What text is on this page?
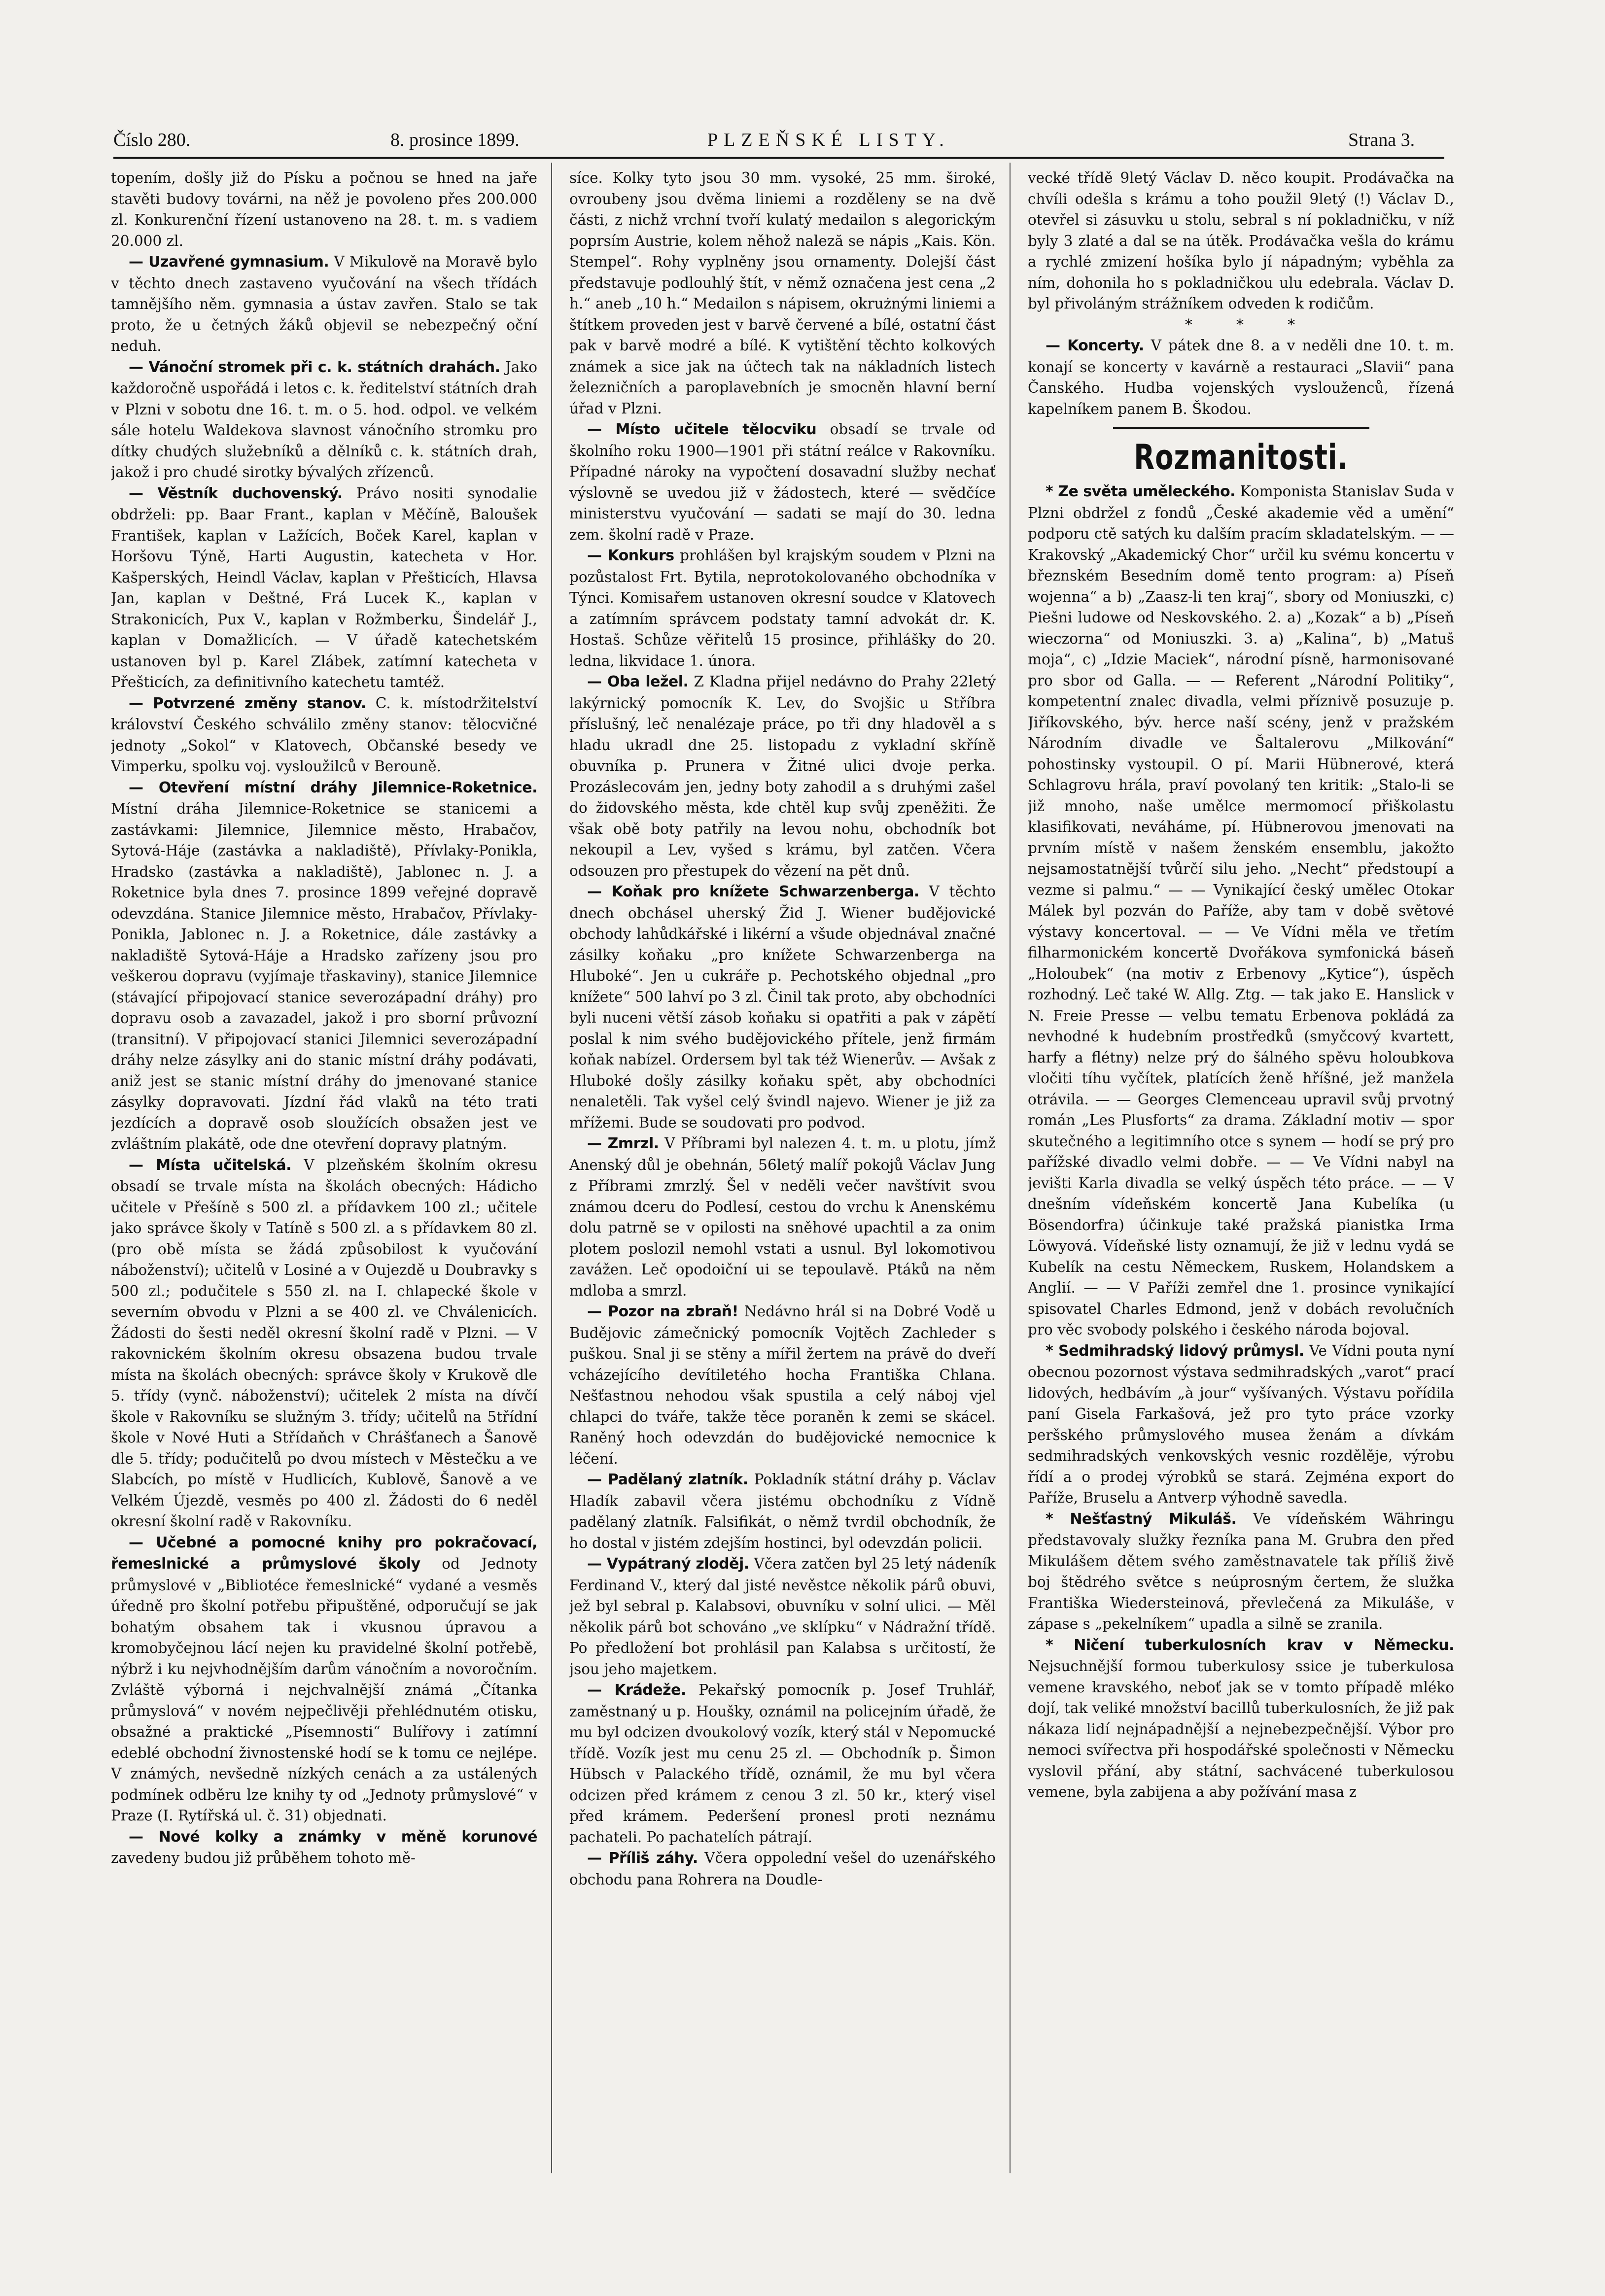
Číslo 280.	8. prosince 1899.	PLZEŇSKÉ LISTY.	Strana 3.

topením, došly již do Písku a počnou se hned na jaře stavěti budovy továrni, na něž je povoleno přes 200.000 zl. Konkurenční řízení ustanoveno na 28. t. m. s vadiem 20.000 zl.

— Uzavřené gymnasium. V Mikulově na Moravě bylo v těchto dnech zastaveno vyučování na všech třídách tamnějšího něm. gymnasia a ústav zavřen. Stalo se tak proto, že u četných žáků objevil se nebezpečný oční neduh.

— Vánoční stromek při c. k. státních drahách. Jako každoročně uspořádá i letos c. k. ředitelství státních drah v Plzni v sobotu dne 16. t. m. o 5. hod. odpol. ve velkém sále hotelu Waldekova slavnost vánočního stromku pro dítky chudých služebníků a dělníků c. k. státních drah, jakož i pro chudé sirotky bývalých zřízenců.

— Věstník duchovenský. Právo nositi synodalie obdrželi: pp. Baar Frant., kaplan v Měčíně, Baloušek František, kaplan v Lažících, Boček Karel, kaplan v Horšovu Týně, Harti Augustin, katecheta v Hor. Kašperských, Heindl Václav, kaplan v Přešticích, Hlavsa Jan, kaplan v Deštné, Frá Lucek K., kaplan v Strakonicích, Pux V., kaplan v Rožmberku, Šindelář J., kaplan v Domažlicích. — V úřadě katechetském ustanoven byl p. Karel Zlábek, zatímní katecheta v Přešticích, za definitivního katechetu tamtéž.

— Potvrzené změny stanov. C. k. místodržitelství království Českého schválilo změny stanov: tělocvičné jednoty „Sokol“ v Klatovech, Občanské besedy ve Vimperku, spolku voj. vysloužilců v Berouně.

— Otevření místní dráhy Jilemnice-Roketnice. Místní dráha Jilemnice-Roketnice se stanicemi a zastávkami: Jilemnice, Jilemnice město, Hrabačov, Sytová-Háje (zastávka a nakladiště), Přívlaky-Ponikla, Hradsko (zastávka a nakladiště), Jablonec n. J. a Roketnice byla dnes 7. prosince 1899 veřejné dopravě odevzdána. Stanice Jilemnice město, Hrabačov, Přívlaky-Ponikla, Jablonec n. J. a Roketnice, dále zastávky a nakladiště Sytová-Háje a Hradsko zařízeny jsou pro veškerou dopravu (vyjímaje třaskaviny), stanice Jilemnice (stávající připojovací stanice severozápadní dráhy) pro dopravu osob a zavazadel, jakož i pro sborní průvozní (transitní). V připojovací stanici Jilemnici severozápadní dráhy nelze zásylky ani do stanic místní dráhy podávati, aniž jest se stanic místní dráhy do jmenované stanice zásylky dopravovati. Jízdní řád vlaků na této trati jezdících a dopravě osob sloužících obsažen jest ve zvláštním plakátě, ode dne otevření dopravy platným.

— Místa učitelská. V plzeňském školním okresu obsadí se trvale místa na školách obecných: Hádicho učitele v Přešíně s 500 zl. a přídavkem 100 zl.; učitele jako správce školy v Tatíně s 500 zl. a s přídavkem 80 zl. (pro obě místa se žádá způsobilost k vyučování náboženství); učitelů v Losiné a v Oujezdě u Doubravky s 500 zl.; podučitele s 550 zl. na I. chlapecké škole v severním obvodu v Plzni a se 400 zl. ve Chválenicích. Žádosti do šesti neděl okresní školní radě v Plzni. — V rakovnickém školním okresu obsazena budou trvale místa na školách obecných: správce školy v Krukově dle 5. třídy (vynč. náboženství); učitelek 2 místa na dívčí škole v Rakovníku se služným 3. třídy; učitelů na 5třídní škole v Nové Huti a Střídaňch v Chrášťanech a Šanově dle 5. třídy; podučitelů po dvou místech v Městečku a ve Slabcích, po místě v Hudlicích, Kublově, Šanově a ve Velkém Újezdě, vesměs po 400 zl. Žádosti do 6 neděl okresní školní radě v Rakovníku.

— Učebné a pomocné knihy pro pokračovací, řemeslnické a průmyslové školy od Jednoty průmyslové v „Bibliotéce řemeslnické“ vydané a vesměs úředně pro školní potřebu připuštěné, odporučují se jak bohatým obsahem tak i vkusnou úpravou a kromobyčejnou lácí nejen ku pravidelné školní potřebě, nýbrž i ku nejvhodnějším darům vánočním a novoročním. Zvláště výborná i nejchvalnější známá „Čítanka průmyslová“ v novém nejpečlivěji přehlédnutém otisku, obsažné a praktické „Písemnosti“ Bulířovy i zatímní edeblé obchodní živnostenské hodí se k tomu ce nejlépe. V známých, nevšedně nízkých cenách a za ustálených podmínek odběru lze knihy ty od „Jednoty průmyslové“ v Praze (I. Rytířská ul. č. 31) objednati.

— Nové kolky a známky v měně korunové zavedeny budou již průběhem tohoto mě-

síce. Kolky tyto jsou 30 mm. vysoké, 25 mm. široké, ovroubeny jsou dvěma liniemi a rozděleny se na dvě části, z nichž vrchní tvoří kulatý medailon s alegorickým poprsím Austrie, kolem něhož naleză se nápis „Kais. Kön. Stempel“. Rohy vyplněny jsou ornamenty. Dolejší část představuje podlouhlý štít, v němž označena jest cena „2 h.“ aneb „10 h.“ Medailon s nápisem, okrużnými liniemi a štítkem proveden jest v barvě červené a bílé, ostatní část pak v barvě modré a bílé. K vytištění těchto kolkových známek a sice jak na účtech tak na nákladních listech železničních a paroplavebních je smocněn hlavní berní úřad v Plzni.

— Místo učitele tělocviku obsadí se trvale od školního roku 1900—1901 při státní reálce v Rakovníku. Případné nároky na vypočtení dosavadní služby nechať výslovně se uvedou již v žádostech, které — svědčíce ministerstvu vyučování — sadati se mají do 30. ledna zem. školní radě v Praze.

— Konkurs prohlášen byl krajským soudem v Plzni na pozůstalost Frt. Bytila, neprotokolovaného obchodníka v Týnci. Komisařem ustanoven okresní soudce v Klatovech a zatímním správcem podstaty tamní advokát dr. K. Hostaš. Schůze věřitelů 15 prosince, přihlášky do 20. ledna, likvidace 1. února.

— Oba ležel. Z Kladna přijel nedávno do Prahy 22letý lakýrnický pomocník K. Lev, do Svojšic u Stříbra příslušný, leč nenalézaje práce, po tři dny hladověl a s hladu ukradl dne 25. listopadu z vykladní skříně obuvníka p. Prunera v Žitné ulici dvoje perka. Prozáslecovám jen, jedny boty zahodil a s druhými zašel do židovského města, kde chtěl kup svůj zpeněžiti. Že však obě boty patřily na levou nohu, obchodník bot nekoupil a Lev, vyšed s krámu, byl zatčen. Včera odsouzen pro přestupek do vězení na pět dnů.

— Koňak pro knížete Schwarzenberga. V těchto dnech obchásel uherský Žid J. Wiener budějovické obchody lahůdkářské i likérní a všude objednával značné zásilky koňaku „pro knížete Schwarzenberga na Hluboké“. Jen u cukráře p. Pechotského objednal „pro knížete“ 500 lahví po 3 zl. Činil tak proto, aby obchodníci byli nuceni větší zásob koňaku si opatřiti a pak v zápětí poslal k nim svého budějovického přítele, jenž firmám koňak nabízel. Ordersem byl tak též Wienerův. — Avšak z Hluboké došly zásilky koňaku spět, aby obchodníci nenaletěli. Tak vyšel celý švindl najevo. Wiener je již za mřížemi. Bude se soudovati pro podvod.

— Zmrzl. V Příbrami byl nalezen 4. t. m. u plotu, jímž Anenský důl je obehnán, 56letý malíř pokojů Václav Jung z Příbrami zmrzlý. Šel v neděli večer navštívit svou známou dceru do Podlesí, cestou do vrchu k Anenskému dolu patrně se v opilosti na sněhové upachtil a za onim plotem poslozil nemohl vstati a usnul. Byl lokomotivou zavážen. Leč opodoiční ui se tepoulavě. Ptáků na něm mdloba a smrzl.

— Pozor na zbraň! Nedávno hrál si na Dobré Vodě u Budějovic zámečnický pomocník Vojtěch Zachleder s puškou. Snal ji se stěny a mířil žertem na právě do dveří vcházejícího devítiletého hocha Františka Chlana. Nešťastnou nehodou však spustila a celý náboj vjel chlapci do tváře, takže těce poraněn k zemi se skácel. Raněný hoch odevzdán do budějovické nemocnice k léčení.

— Padělaný zlatník. Pokladník státní dráhy p. Václav Hladík zabavil včera jistému obchodníku z Vídně padělaný zlatník. Falsifikát, o němž tvrdil obchodník, že ho dostal v jistém zdejším hostinci, byl odevzdán policii.

— Vypátraný zloděj. Včera zatčen byl 25 letý nádeník Ferdinand V., který dal jisté nevěstce několik párů obuvi, jež byl sebral p. Kalabsovi, obuvníku v solní ulici. — Měl několik párů bot schováno „ve sklípku“ v Nádražní třídě. Po předložení bot prohlásil pan Kalabsa s určitostí, že jsou jeho majetkem.

— Krádeže. Pekařský pomocník p. Josef Truhlář, zaměstnaný u p. Houšky, oznámil na policejním úřadě, že mu byl odcizen dvoukolový vozík, který stál v Nepomucké třídě. Vozík jest mu cenu 25 zl. — Obchodník p. Šimon Hübsch v Palackého třídě, oznámil, že mu byl včera odcizen před krámem z cenou 3 zl. 50 kr., který visel před krámem. Pederšení pronesl proti neznámu pachateli. Po pachatelích pátrají.

— Příliš záhy. Včera oppolední vešel do uzenářského obchodu pana Rohrera na Doudle-

vecké třídě 9letý Václav D. něco koupit. Prodávačka na chvíli odešla s krámu a toho použil 9letý (!) Václav D., otevřel si zásuvku u stolu, sebral s ní pokladničku, v níž byly 3 zlaté a dal se na útěk. Prodávačka vešla do krámu a rychlé zmizení hošíka bylo jí nápadným; vyběhla za ním, dohonila ho s pokladničkou ulu edebrala. Václav D. byl přivoláným strážníkem odveden k rodičům.

* * *

— Koncerty. V pátek dne 8. a v neděli dne 10. t. m. konají se koncerty v kavárně a restauraci „Slavii“ pana Čanského. Hudba vojenských vyslouženců, řízená kapelníkem panem B. Škodou.

Rozmanitosti.

* Ze světa uměleckého. Komponista Stanislav Suda v Plzni obdržel z fondů „České akademie věd a umění“ podporu ctě satých ku dalším pracím skladatelským. — — Krakovský „Akademický Chor“ určil ku svému koncertu v březnském Besedním domě tento program: a) Píseň wojenna“ a b) „Zaasz-li ten kraj“, sbory od Moniuszki, c) Piešni ludowe od Neskovského. 2. a) „Kozak“ a b) „Píseň wieczorna“ od Moniuszki. 3. a) „Kalina“, b) „Matuš moja“, c) „Idzie Maciek“, národní písně, harmonisované pro sbor od Galla. — — Referent „Národní Politiky“, kompetentní znalec divadla, velmi příznivě posuzuje p. Jiříkovského, býv. herce naší scény, jenž v pražském Národním divadle ve Šaltalerovu „Milkování“ pohostinsky vystoupil. O pí. Marii Hübnerové, která Schlagrovu hrála, praví povolaný ten kritik: „Stalo-li se již mnoho, naše umělce mermomocí přiškolastu klasifikovati, neváháme, pí. Hübnerovou jmenovati na prvním místě v našem ženském ensemblu, jakožto nejsamostatnější tvůrčí silu jeho. „Necht“ předstoupí a vezme si palmu.“ — — Vynikající český umělec Otokar Málek byl pozván do Paříže, aby tam v době světové výstavy koncertoval. — — Ve Vídni měla ve třetím filharmonickém koncertě Dvořákova symfonická báseň „Holoubek“ (na motiv z Erbenovy „Kytice“), úspěch rozhodný. Leč také W. Allg. Ztg. — tak jako E. Hanslick v N. Freie Presse — velbu tematu Erbenova pokládá za nevhodné k hudebním prostředků (smyčcový kvartett, harfy a flétny) nelze prý do šálného spěvu holoubkova vločiti tíhu vyčítek, platících ženě hříšné, jež manžela otrávila. — — Georges Clemenceau upravil svůj prvotný román „Les Plusforts“ za drama. Základní motiv — spor skutečného a legitimního otce s synem — hodí se prý pro pařížské divadlo velmi dobře. — — Ve Vídni nabyl na jevišti Karla divadla se velký úspěch této práce. — — V dnešním vídeňském koncertě Jana Kubelíka (u Bösendorfra) účinkuje také pražská pianistka Irma Löwyová. Vídeňské listy oznamují, že již v lednu vydá se Kubelík na cestu Německem, Ruskem, Holandskem a Anglií. — — V Paříži zemřel dne 1. prosince vynikající spisovatel Charles Edmond, jenž v dobách revolučních pro věc svobody polského i českého národa bojoval.

* Sedmihradský lidový průmysl. Ve Vídni pouta nyní obecnou pozornost výstava sedmihradských „varot“ prací lidových, hedbávím „à jour“ vyšívaných. Výstavu pořídila paní Gisela Farkašová, jež pro tyto práce vzorky peršského průmyslového musea ženám a dívkám sedmihradských venkovských vesnic rozdělěje, výrobu řídí a o prodej výrobků se stará. Zejména export do Paříže, Bruselu a Antverp výhodně savedla.

* Nešťastný Mikuláš. Ve vídeňském Währingu představovaly služky řezníka pana M. Grubra den před Mikulášem dětem svého zaměstnavatele tak příliš živě boj štědrého světce s neúprosným čertem, že služka Františka Wiedersteinová, převlečená za Mikuláše, v zápase s „pekelníkem“ upadla a silně se zranila.

* Ničení tuberkulosních krav v Německu. Nejsuchnější formou tuberkulosy ssice je tuberkulosa vemene kravského, neboť jak se v tomto případě mléko dojí, tak veliké množství bacillů tuberkulosních, že již pak nákaza lidí nejnápadnější a nejnebezpečnější. Výbor pro nemoci svířectva při hospodářské společnosti v Německu vyslovil přání, aby státní, sachvácené tuberkulosou vemene, byla zabijena a aby požívání masa z
